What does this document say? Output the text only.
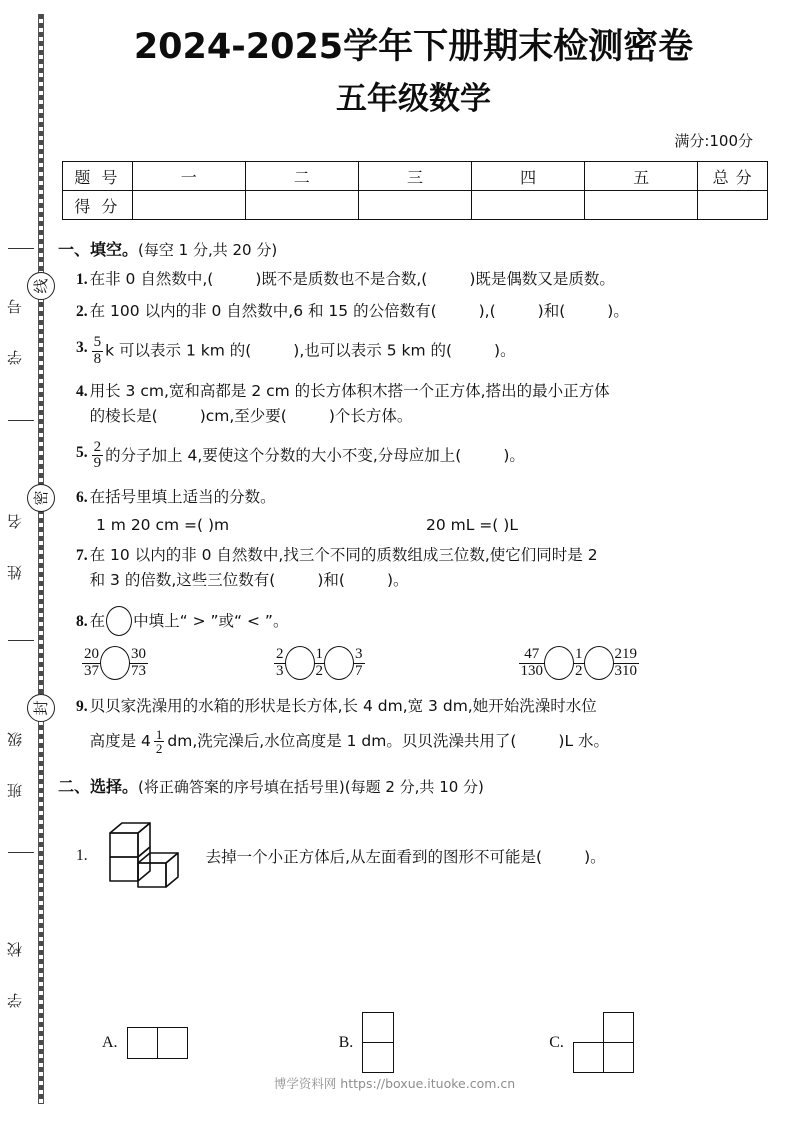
学 号
线
姓 名
密
班 级
封
学 校
2024-2025学年下册期末检测密卷
五年级数学
满分:100分
题 号	一	二	三	四	五	总 分
得 分						
一、填空。(每空 1 分,共 20 分)
1. 在非 0 自然数中,(	)既不是质数也不是合数,(	)既是偶数又是质数。
2. 在 100 以内的非 0 自然数中,6 和 15 的公倍数有(	),(	)和(	)。
3. $\frac{5}{8}$ k 可以表示 1 km 的(	),也可以表示 5 km 的(	)。
4. 用长 3 cm,宽和高都是 2 cm 的长方体积木搭一个正方体,搭出的最小正方体
的棱长是(	)cm,至少要(	)个长方体。
5. $\frac{2}{9}$ 的分子加上 4,要使这个分数的大小不变,分母应加上(	)。
6. 在括号里填上适当的分数。
1 m 20 cm =( )m	20 mL =( )L
7. 在 10 以内的非 0 自然数中,找三个不同的质数组成三位数,使它们同时是 2
和 3 的倍数,这些三位数有(	)和(	)。
8. 在 中填上“ > ”或“ < ”。
$\frac{20}{37} \frac{30}{73}$	$\frac{2}{3} \frac{1}{2} \frac{3}{7}$	$\frac{47}{130} \frac{1}{2} \frac{219}{310}$
9. 贝贝家洗澡用的水箱的形状是长方体,长 4 dm,宽 3 dm,她开始洗澡时水位
高度是 $4 \frac{1}{2}$ dm,洗完澡后,水位高度是 1 dm。贝贝洗澡共用了(	)L 水。
二、选择。(将正确答案的序号填在括号里)(每题 2 分,共 10 分)
1.	去掉一个小正方体后,从左面看到的图形不可能是(	)。
A.	B.	C.
博学资料网 https://boxue.ituoke.com.cn
